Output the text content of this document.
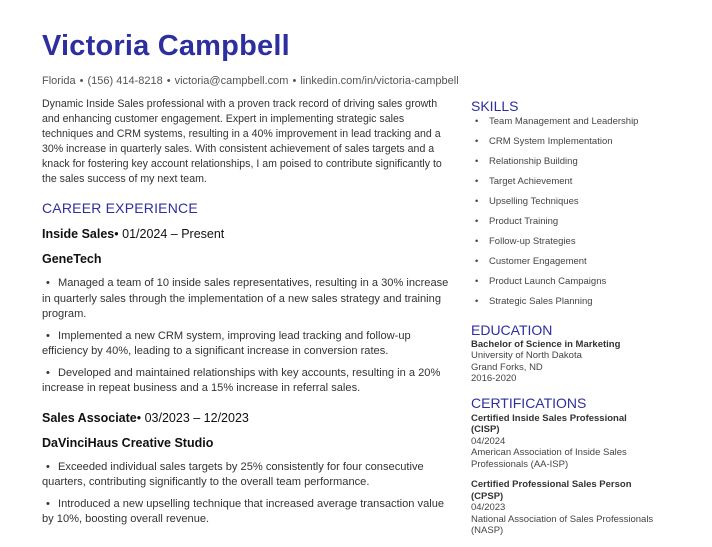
Victoria Campbell
Florida • (156) 414-8218 • victoria@campbell.com • linkedin.com/in/victoria-campbell

Dynamic Inside Sales professional with a proven track record of driving sales growth and enhancing customer engagement. Expert in implementing strategic sales techniques and CRM systems, resulting in a 40% improvement in lead tracking and a 30% increase in quarterly sales. With consistent achievement of sales targets and a knack for fostering key account relationships, I am poised to contribute significantly to the sales success of my next team.

CAREER EXPERIENCE
Inside Sales• 01/2024 – Present
GeneTech
• Managed a team of 10 inside sales representatives, resulting in a 30% increase in quarterly sales through the implementation of a new sales strategy and training program.
• Implemented a new CRM system, improving lead tracking and follow-up efficiency by 40%, leading to a significant increase in conversion rates.
• Developed and maintained relationships with key accounts, resulting in a 20% increase in repeat business and a 15% increase in referral sales.
Sales Associate• 03/2023 – 12/2023
DaVinciHaus Creative Studio
• Exceeded individual sales targets by 25% consistently for four consecutive quarters, contributing significantly to the overall team performance.
• Introduced a new upselling technique that increased average transaction value by 10%, boosting overall revenue.
SKILLS
• Team Management and Leadership
• CRM System Implementation
• Relationship Building
• Target Achievement
• Upselling Techniques
• Product Training
• Follow-up Strategies
• Customer Engagement
• Product Launch Campaigns
• Strategic Sales Planning
EDUCATION
Bachelor of Science in Marketing
University of North Dakota
Grand Forks, ND
2016-2020
CERTIFICATIONS
Certified Inside Sales Professional (CISP)
04/2024
American Association of Inside Sales Professionals (AA-ISP)
Certified Professional Sales Person (CPSP)
04/2023
National Association of Sales Professionals (NASP)
